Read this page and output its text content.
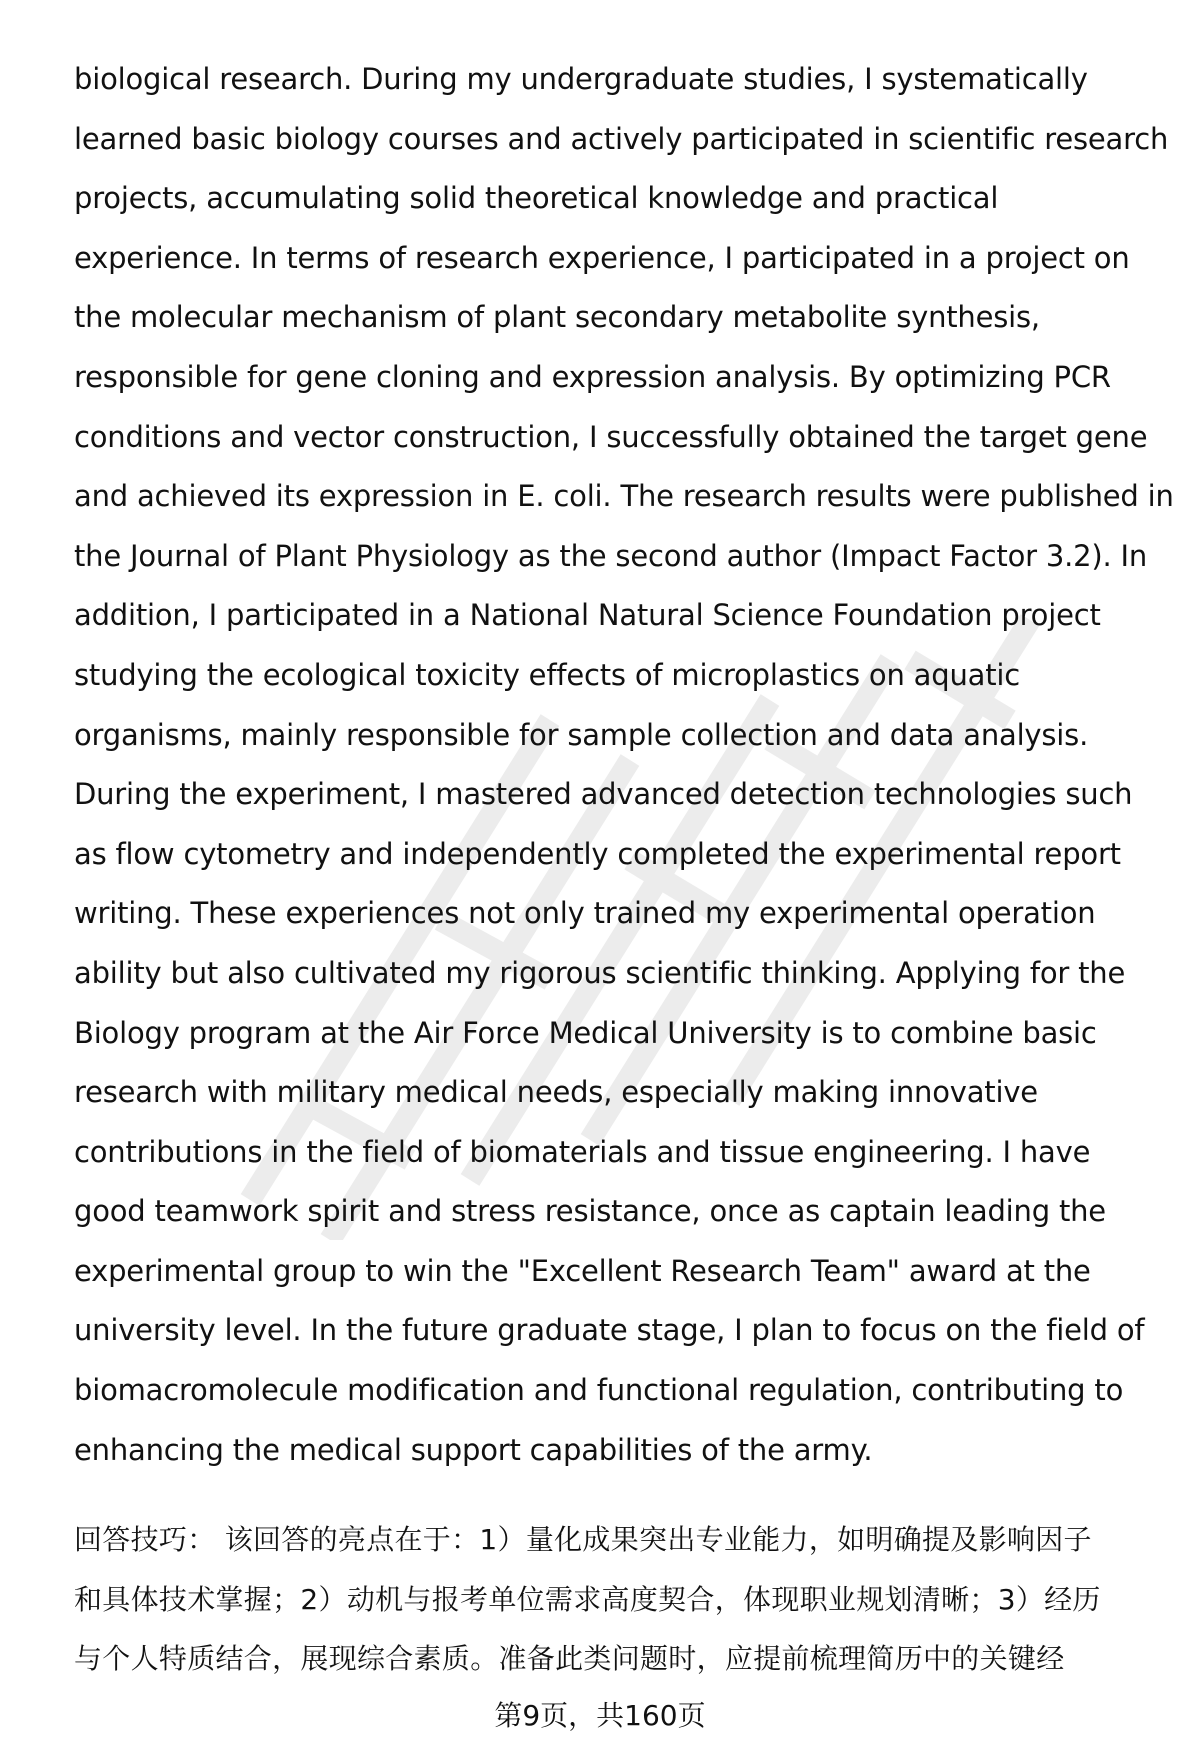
biological research. During my undergraduate studies, I systematically
learned basic biology courses and actively participated in scientific research
projects, accumulating solid theoretical knowledge and practical
experience. In terms of research experience, I participated in a project on
the molecular mechanism of plant secondary metabolite synthesis,
responsible for gene cloning and expression analysis. By optimizing PCR
conditions and vector construction, I successfully obtained the target gene
and achieved its expression in E. coli. The research results were published in
the Journal of Plant Physiology as the second author (Impact Factor 3.2). In
addition, I participated in a National Natural Science Foundation project
studying the ecological toxicity effects of microplastics on aquatic
organisms, mainly responsible for sample collection and data analysis.
During the experiment, I mastered advanced detection technologies such
as flow cytometry and independently completed the experimental report
writing. These experiences not only trained my experimental operation
ability but also cultivated my rigorous scientific thinking. Applying for the
Biology program at the Air Force Medical University is to combine basic
research with military medical needs, especially making innovative
contributions in the field of biomaterials and tissue engineering. I have
good teamwork spirit and stress resistance, once as captain leading the
experimental group to win the "Excellent Research Team" award at the
university level. In the future graduate stage, I plan to focus on the field of
biomacromolecule modification and functional regulation, contributing to
enhancing the medical support capabilities of the army.
回答技巧： 该回答的亮点在于：1）量化成果突出专业能力，如明确提及影响因子
和具体技术掌握；2）动机与报考单位需求高度契合，体现职业规划清晰；3）经历
与个人特质结合，展现综合素质。准备此类问题时，应提前梳理简历中的关键经
第9页，共160页
